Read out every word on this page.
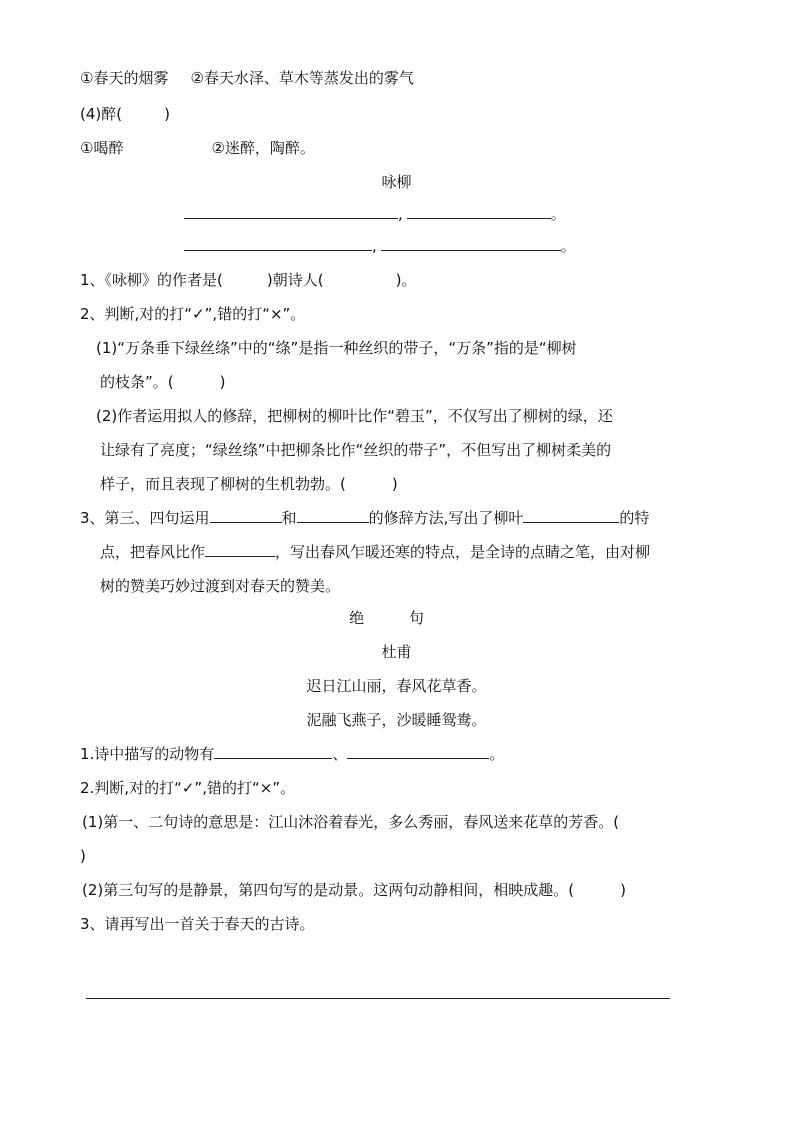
①春天的烟雾 ②春天水泽、草木等蒸发出的雾气
(4)醉(	)
①喝醉	②迷醉，陶醉。
咏柳
,	。
,	。
1、《咏柳》的作者是(	)朝诗人(	)。
2、判断,对的打“✓”,错的打“×”。
(1)“万条垂下绿丝绦”中的“绦”是指一种丝织的带子，“万条”指的是“柳树
的枝条”。(	)
(2)作者运用拟人的修辞，把柳树的柳叶比作“碧玉”，不仅写出了柳树的绿，还
让绿有了亮度；“绿丝绦”中把柳条比作“丝织的带子”，不但写出了柳树柔美的
样子，而且表现了柳树的生机勃勃。(	)
3、第三、四句运用	和	的修辞方法,写出了柳叶	的特
点，把春风比作	，写出春风乍暖还寒的特点，是全诗的点睛之笔，由对柳
树的赞美巧妙过渡到对春天的赞美。
绝 句
杜甫
迟日江山丽，春风花草香。
泥融飞燕子，沙暖睡鸳鸯。
1.诗中描写的动物有	、	。
2.判断,对的打“✓”,错的打“×”。
(1)第一、二句诗的意思是：江山沐浴着春光，多么秀丽，春风送来花草的芳香。(
)
(2)第三句写的是静景，第四句写的是动景。这两句动静相间，相映成趣。(	)
3、请再写出一首关于春天的古诗。
